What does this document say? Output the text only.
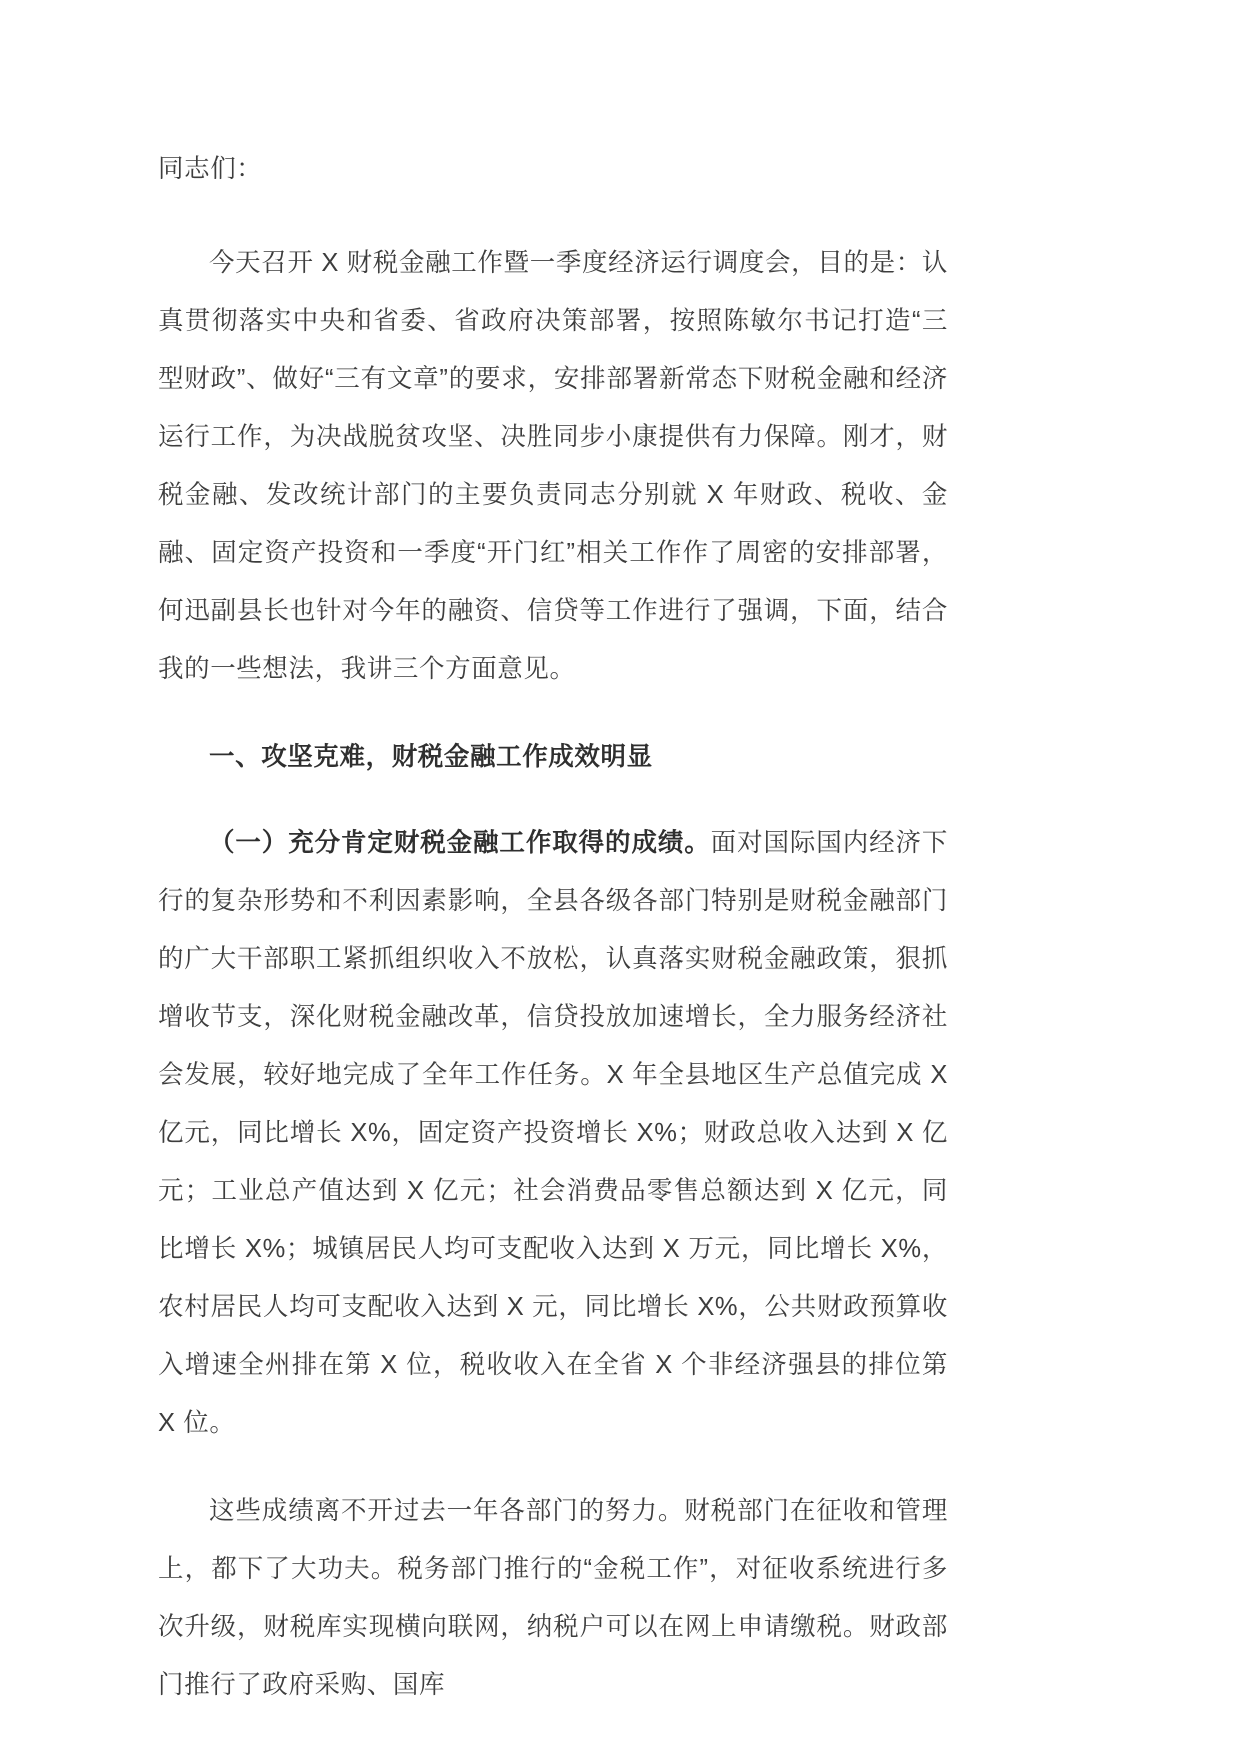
同志们：

今天召开 X 财税金融工作暨一季度经济运行调度会，目的是：认真贯彻落实中央和省委、省政府决策部署，按照陈敏尔书记打造“三型财政”、做好“三有文章”的要求，安排部署新常态下财税金融和经济运行工作，为决战脱贫攻坚、决胜同步小康提供有力保障。刚才，财税金融、发改统计部门的主要负责同志分别就 X 年财政、税收、金融、固定资产投资和一季度“开门红”相关工作作了周密的安排部署，何迅副县长也针对今年的融资、信贷等工作进行了强调，下面，结合我的一些想法，我讲三个方面意见。

一、攻坚克难，财税金融工作成效明显

（一）充分肯定财税金融工作取得的成绩。面对国际国内经济下行的复杂形势和不利因素影响，全县各级各部门特别是财税金融部门的广大干部职工紧抓组织收入不放松，认真落实财税金融政策，狠抓增收节支，深化财税金融改革，信贷投放加速增长，全力服务经济社会发展，较好地完成了全年工作任务。X 年全县地区生产总值完成 X 亿元，同比增长 X%，固定资产投资增长 X%；财政总收入达到 X 亿元；工业总产值达到 X 亿元；社会消费品零售总额达到 X 亿元，同比增长 X%；城镇居民人均可支配收入达到 X 万元，同比增长 X%，农村居民人均可支配收入达到 X 元，同比增长 X%，公共财政预算收入增速全州排在第 X 位，税收收入在全省 X 个非经济强县的排位第 X 位。

这些成绩离不开过去一年各部门的努力。财税部门在征收和管理上，都下了大功夫。税务部门推行的“金税工作”，对征收系统进行多次升级，财税库实现横向联网，纳税户可以在网上申请缴税。财政部门推行了政府采购、国库
